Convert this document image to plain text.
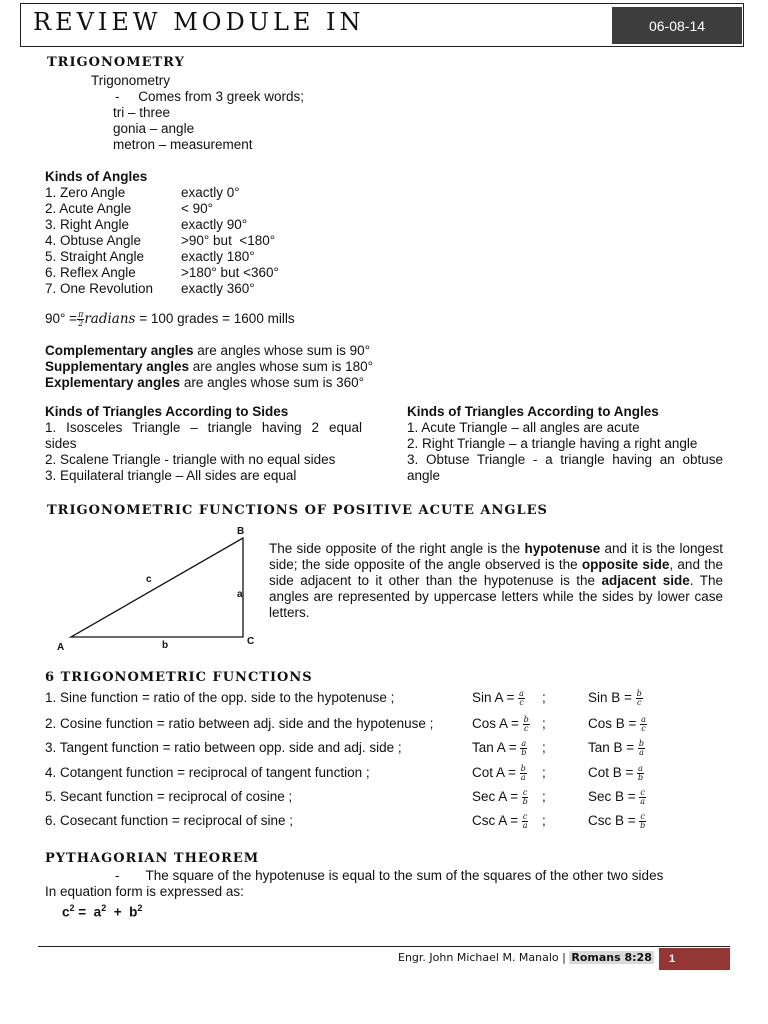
REVIEW MODULE IN	06-08-14
TRIGONOMETRY
Trigonometry
-     Comes from 3 greek words;
tri – three
gonia – angle
metron – measurement
Kinds of Angles
1. Zero Angle	exactly 0°
2. Acute Angle	< 90°
3. Right Angle	exactly 90°
4. Obtuse Angle	>90° but  <180°
5. Straight Angle	exactly 180°
6. Reflex Angle	>180° but <360°
7. One Revolution exactly 360°
$90^\circ = \frac{\pi}{2}$ radians = 100 grades = 1600 mills
Complementary angles are angles whose sum is 90°
Supplementary angles are angles whose sum is 180°
Explementary angles are angles whose sum is 360°
Kinds of Triangles According to Sides
1.  Isosceles  Triangle  –  triangle  having  2  equal sides
2. Scalene Triangle - triangle with no equal sides
3. Equilateral triangle – All sides are equal
Kinds of Triangles According to Angles
1. Acute Triangle – all angles are acute
2. Right Triangle – a triangle having a right angle
3.  Obtuse  Triangle  -  a  triangle  having  an  obtuse angle
TRIGONOMETRIC FUNCTIONS OF POSITIVE ACUTE ANGLES
B
C
A
c
a
b
The side opposite of the right angle is the hypotenuse and it is the longest side; the side opposite of the angle observed is the opposite side, and the side adjacent to it other than the hypotenuse is the adjacent side. The angles are represented by uppercase letters while the sides by lower case letters.
6 TRIGONOMETRIC FUNCTIONS
1. Sine function = ratio of the opp. side to the hypotenuse ;	Sin $A = \frac{a}{c}$ ;	Sin $B = \frac{b}{c}$
2. Cosine function = ratio between adj. side and the hypotenuse ;	Cos $A = \frac{b}{c}$ ;	Cos $B = \frac{a}{c}$
3. Tangent function = ratio between opp. side and adj. side ;	Tan $A = \frac{a}{b}$ ;	Tan $B = \frac{b}{a}$
4. Cotangent function = reciprocal of tangent function ;	Cot $A = \frac{b}{a}$ ;	Cot $B = \frac{a}{b}$
5. Secant function = reciprocal of cosine ;	Sec $A = \frac{c}{b}$ ;	Sec $B = \frac{c}{a}$
6. Cosecant function = reciprocal of sine ;	Csc $A = \frac{c}{a}$ ;	Csc $B = \frac{c}{b}$
PYTHAGORIAN THEOREM
-       The square of the hypotenuse is equal to the sum of the squares of the other two sides
In equation form is expressed as:
$c^2 = a^2 + b^2$
Engr. John Michael M. Manalo | Romans 8:28	1
